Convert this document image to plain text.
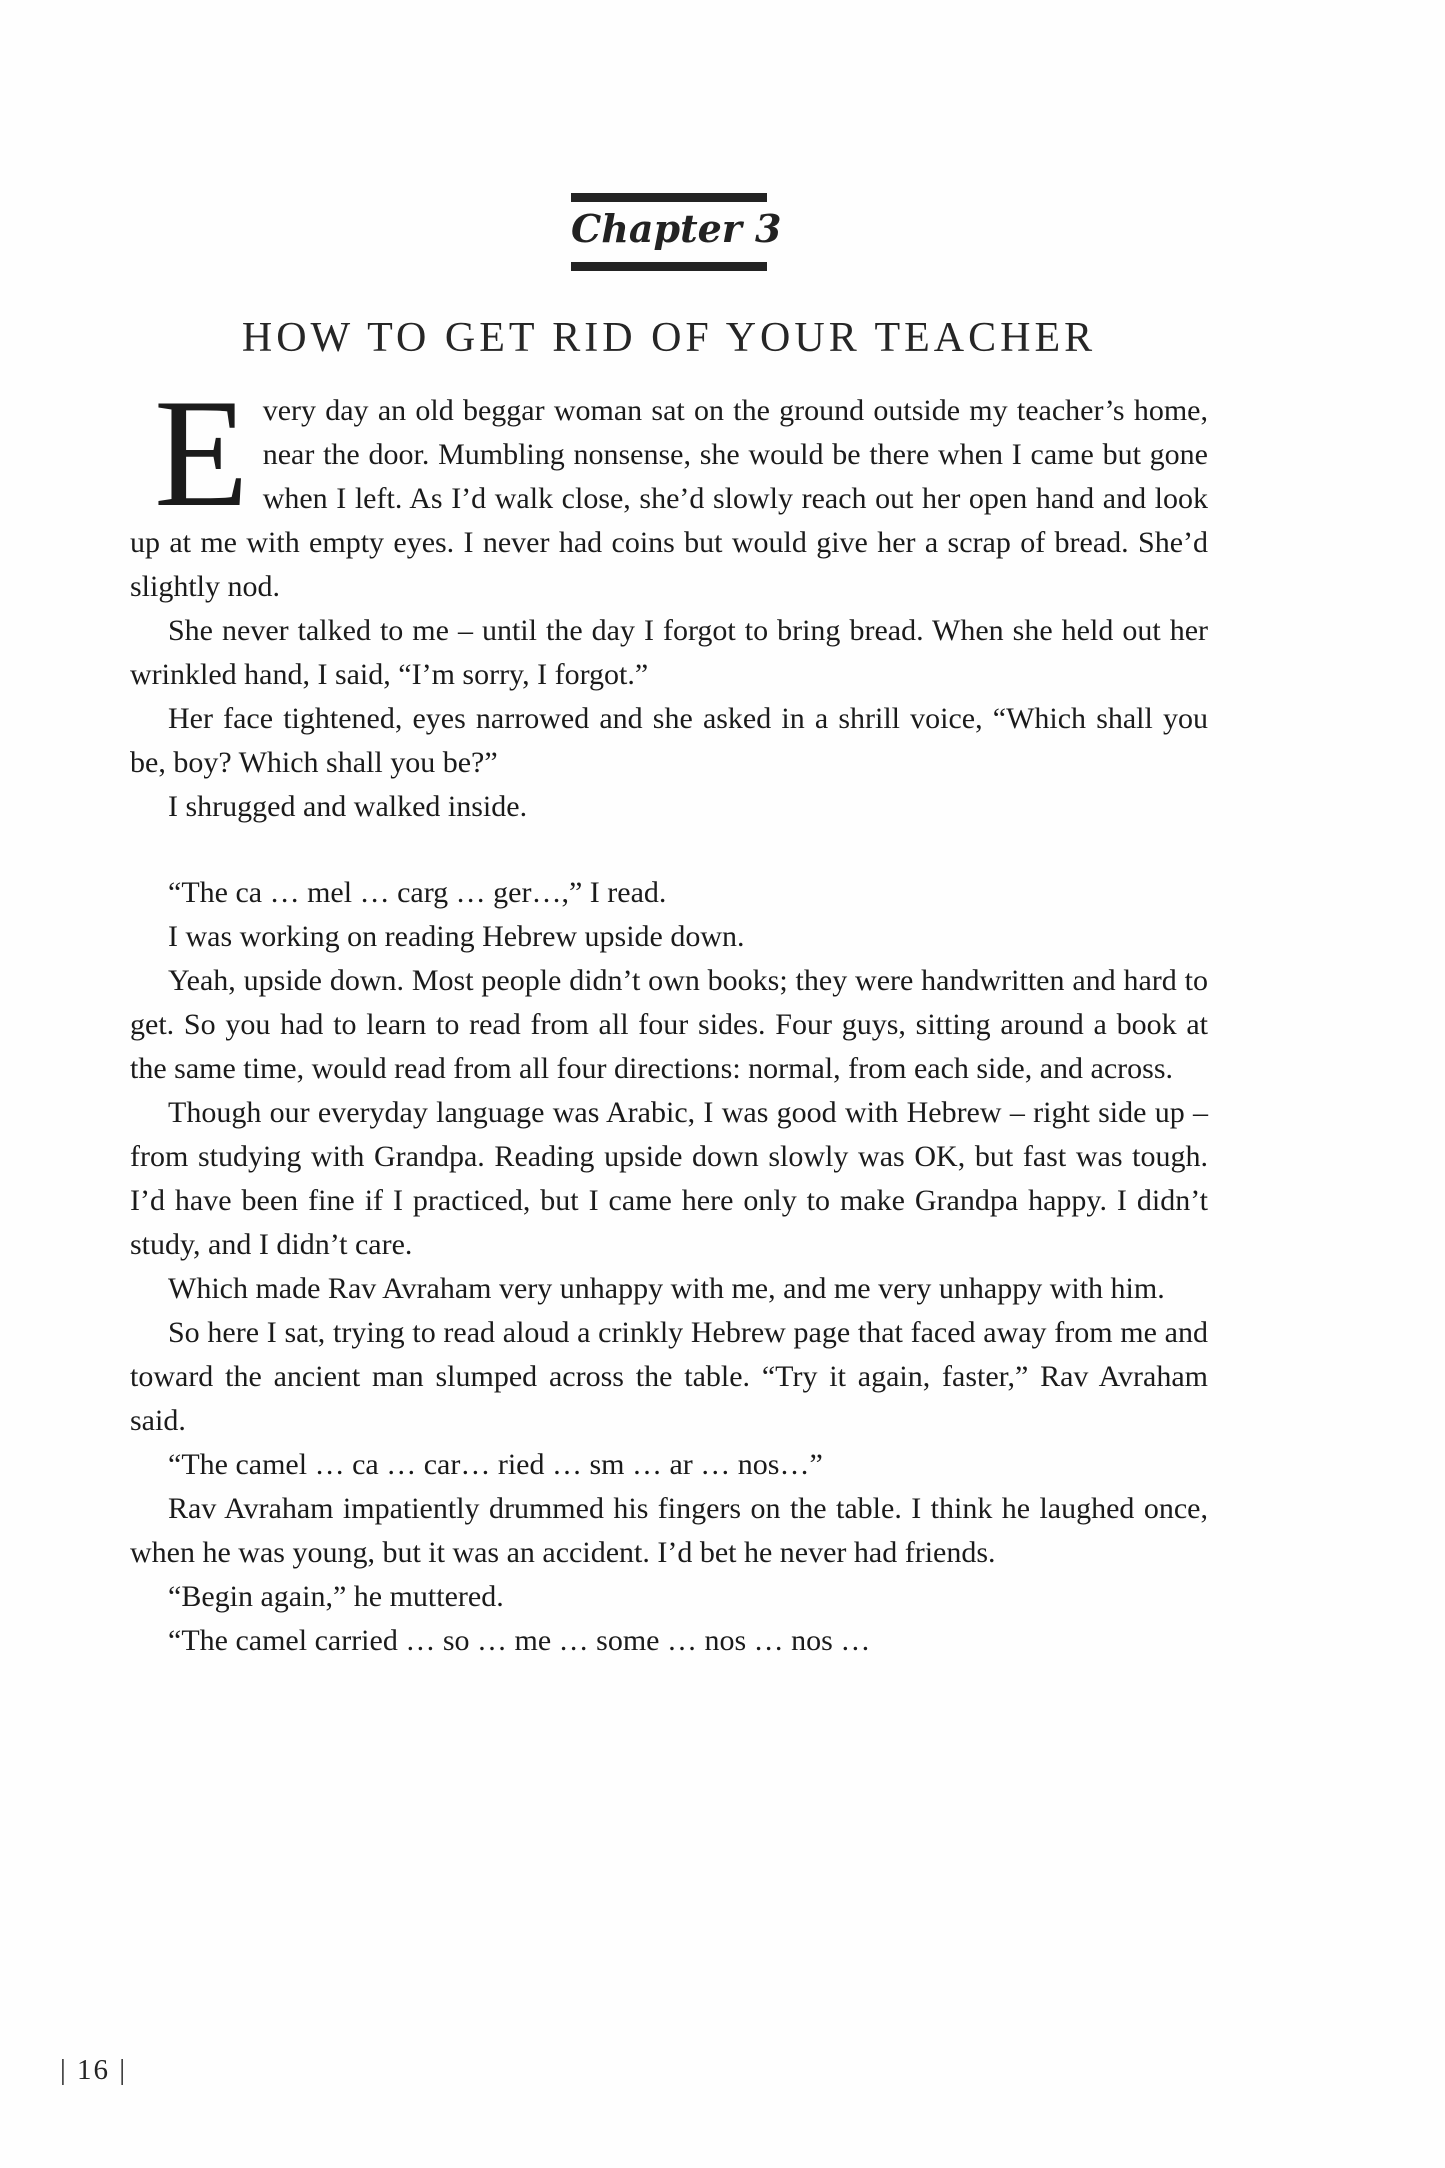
Chapter 3
HOW TO GET RID OF YOUR TEACHER

Every day an old beggar woman sat on the ground outside my teacher’s home, near the door. Mumbling nonsense, she would be there when I came but gone when I left. As I’d walk close, she’d slowly reach out her open hand and look up at me with empty eyes. I never had coins but would give her a scrap of bread. She’d slightly nod.

She never talked to me – until the day I forgot to bring bread. When she held out her wrinkled hand, I said, “I’m sorry, I forgot.”

Her face tightened, eyes narrowed and she asked in a shrill voice, “Which shall you be, boy? Which shall you be?”

I shrugged and walked inside.

“The ca … mel … carg … ger…,” I read.

I was working on reading Hebrew upside down.

Yeah, upside down. Most people didn’t own books; they were handwritten and hard to get. So you had to learn to read from all four sides. Four guys, sitting around a book at the same time, would read from all four directions: normal, from each side, and across.

Though our everyday language was Arabic, I was good with Hebrew – right side up – from studying with Grandpa. Reading upside down slowly was OK, but fast was tough. I’d have been fine if I practiced, but I came here only to make Grandpa happy. I didn’t study, and I didn’t care.

Which made Rav Avraham very unhappy with me, and me very unhappy with him.

So here I sat, trying to read aloud a crinkly Hebrew page that faced away from me and toward the ancient man slumped across the table. “Try it again, faster,” Rav Avraham said.

“The camel … ca … car… ried … sm … ar … nos…”

Rav Avraham impatiently drummed his fingers on the table. I think he laughed once, when he was young, but it was an accident. I’d bet he never had friends.

“Begin again,” he muttered.

“The camel carried … so … me … some … nos … nos …

| 16 |
